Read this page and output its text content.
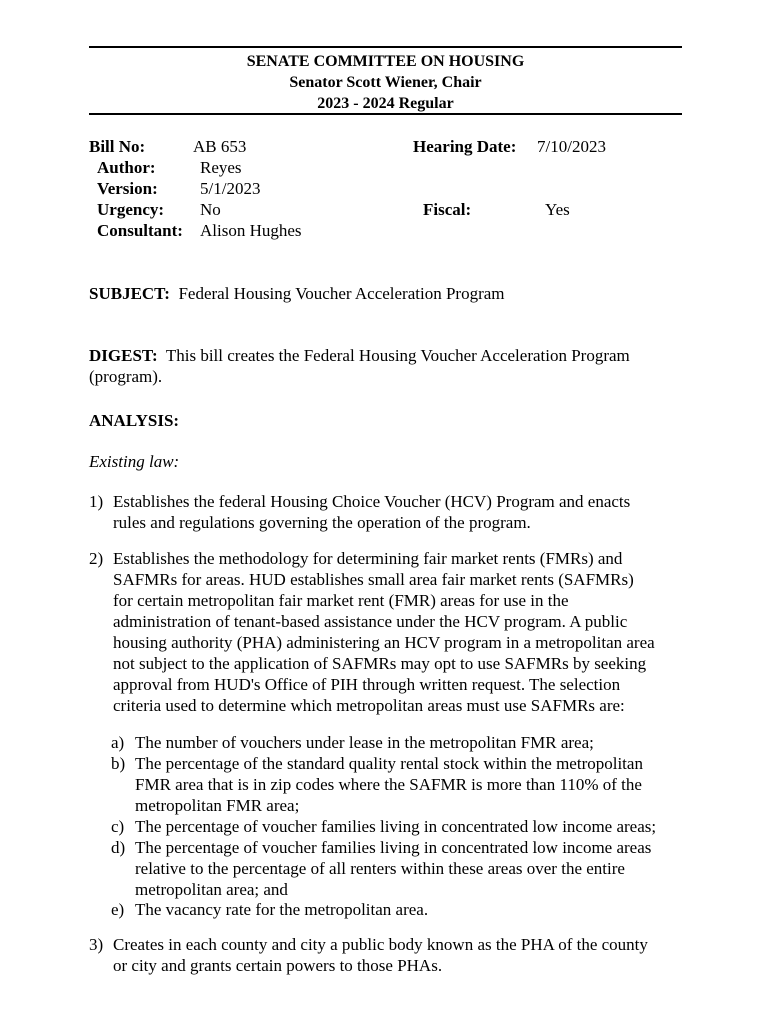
SENATE COMMITTEE ON HOUSING
Senator Scott Wiener, Chair
2023 - 2024 Regular
Bill No:	AB 653	Hearing Date: 7/10/2023
Author:	Reyes
Version: 5/1/2023
Urgency: No	Fiscal:	Yes
Consultant: Alison Hughes
SUBJECT: Federal Housing Voucher Acceleration Program
DIGEST: This bill creates the Federal Housing Voucher Acceleration Program
(program).
ANALYSIS:
Existing law:
1) Establishes the federal Housing Choice Voucher (HCV) Program and enacts
rules and regulations governing the operation of the program.
2) Establishes the methodology for determining fair market rents (FMRs) and
SAFMRs for areas. HUD establishes small area fair market rents (SAFMRs)
for certain metropolitan fair market rent (FMR) areas for use in the
administration of tenant-based assistance under the HCV program. A public
housing authority (PHA) administering an HCV program in a metropolitan area
not subject to the application of SAFMRs may opt to use SAFMRs by seeking
approval from HUD's Office of PIH through written request. The selection
criteria used to determine which metropolitan areas must use SAFMRs are:
a) The number of vouchers under lease in the metropolitan FMR area;
b) The percentage of the standard quality rental stock within the metropolitan
FMR area that is in zip codes where the SAFMR is more than 110% of the
metropolitan FMR area;
c) The percentage of voucher families living in concentrated low income areas;
d) The percentage of voucher families living in concentrated low income areas
relative to the percentage of all renters within these areas over the entire
metropolitan area; and
e) The vacancy rate for the metropolitan area.
3) Creates in each county and city a public body known as the PHA of the county
or city and grants certain powers to those PHAs.
